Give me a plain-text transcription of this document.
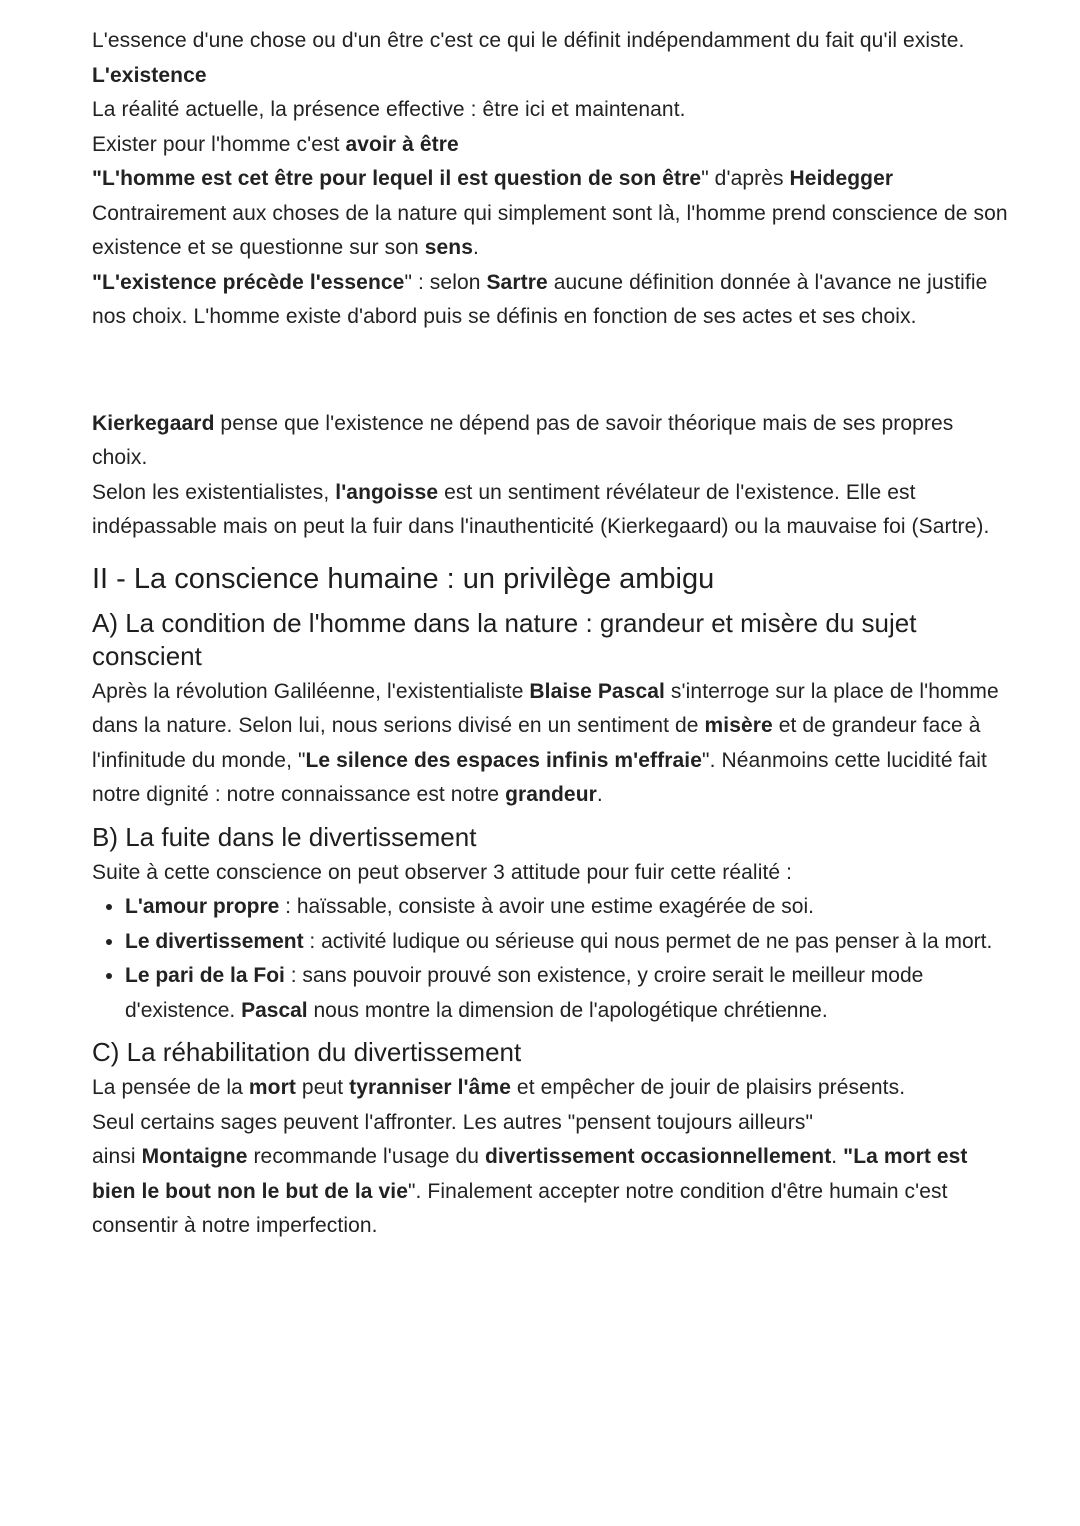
L'essence d'une chose ou d'un être c'est ce qui le définit indépendamment du fait qu'il existe.

L'existence

La réalité actuelle, la présence effective : être ici et maintenant.

Exister pour l'homme c'est avoir à être

"L'homme est cet être pour lequel il est question de son être" d'après Heidegger

Contrairement aux choses de la nature qui simplement sont là, l'homme prend conscience de son existence et se questionne sur son sens.

"L'existence précède l'essence" : selon Sartre aucune définition donnée à l'avance ne justifie nos choix. L'homme existe d'abord puis se définis en fonction de ses actes et ses choix.

Kierkegaard pense que l'existence ne dépend pas de savoir théorique mais de ses propres choix.

Selon les existentialistes, l'angoisse est un sentiment révélateur de l'existence. Elle est indépassable mais on peut la fuir dans l'inauthenticité (Kierkegaard) ou la mauvaise foi (Sartre).

II - La conscience humaine : un privilège ambigu
A) La condition de l'homme dans la nature : grandeur et misère du sujet conscient

Après la révolution Galiléenne, l'existentialiste Blaise Pascal s'interroge sur la place de l'homme dans la nature. Selon lui, nous serions divisé en un sentiment de misère et de grandeur face à l'infinitude du monde, "Le silence des espaces infinis m'effraie". Néanmoins cette lucidité fait notre dignité : notre connaissance est notre grandeur.

B) La fuite dans le divertissement

Suite à cette conscience on peut observer 3 attitude pour fuir cette réalité :

• L'amour propre : haïssable, consiste à avoir une estime exagérée de soi.
• Le divertissement : activité ludique ou sérieuse qui nous permet de ne pas penser à la mort.
• Le pari de la Foi : sans pouvoir prouvé son existence, y croire serait le meilleur mode d'existence. Pascal nous montre la dimension de l'apologétique chrétienne.
C) La réhabilitation du divertissement

La pensée de la mort peut tyranniser l'âme et empêcher de jouir de plaisirs présents.

Seul certains sages peuvent l'affronter. Les autres "pensent toujours ailleurs"

ainsi Montaigne recommande l'usage du divertissement occasionnellement. "La mort est bien le bout non le but de la vie". Finalement accepter notre condition d'être humain c'est consentir à notre imperfection.
